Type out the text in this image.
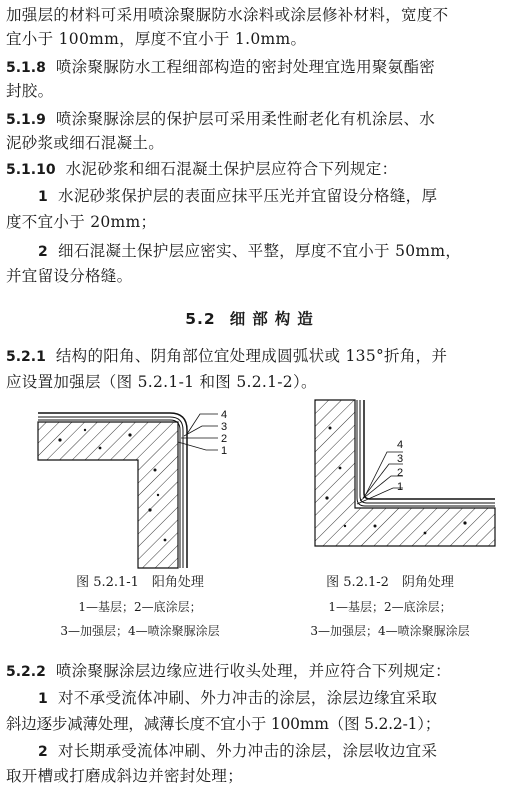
加强层的材料可采用喷涂聚脲防水涂料或涂层修补材料，宽度不
宜小于 100mm，厚度不宜小于 1.0mm。
5.1.8 喷涂聚脲防水工程细部构造的密封处理宜选用聚氨酯密
封胶。
5.1.9 喷涂聚脲涂层的保护层可采用柔性耐老化有机涂层、水
泥砂浆或细石混凝土。
5.1.10 水泥砂浆和细石混凝土保护层应符合下列规定：
1 水泥砂浆保护层的表面应抹平压光并宜留设分格缝，厚
度不宜小于 20mm；
2 细石混凝土保护层应密实、平整，厚度不宜小于 50mm，
并宜留设分格缝。
5.2 细部构造
5.2.1 结构的阳角、阴角部位宜处理成圆弧状或 135°折角，并
应设置加强层（图 5.2.1-1 和图 5.2.1-2）。
4
3
2
1	4
3
2
1
图 5.2.1-1　阳角处理
1—基层；2—底涂层；
3—加强层；4—喷涂聚脲涂层
图 5.2.1-2　阴角处理
1—基层；2—底涂层；
3—加强层；4—喷涂聚脲涂层
5.2.2 喷涂聚脲涂层边缘应进行收头处理，并应符合下列规定：
1 对不承受流体冲刷、外力冲击的涂层，涂层边缘宜采取
斜边逐步减薄处理，减薄长度不宜小于 100mm（图 5.2.2-1）；
2 对长期承受流体冲刷、外力冲击的涂层，涂层收边宜采
取开槽或打磨成斜边并密封处理；
